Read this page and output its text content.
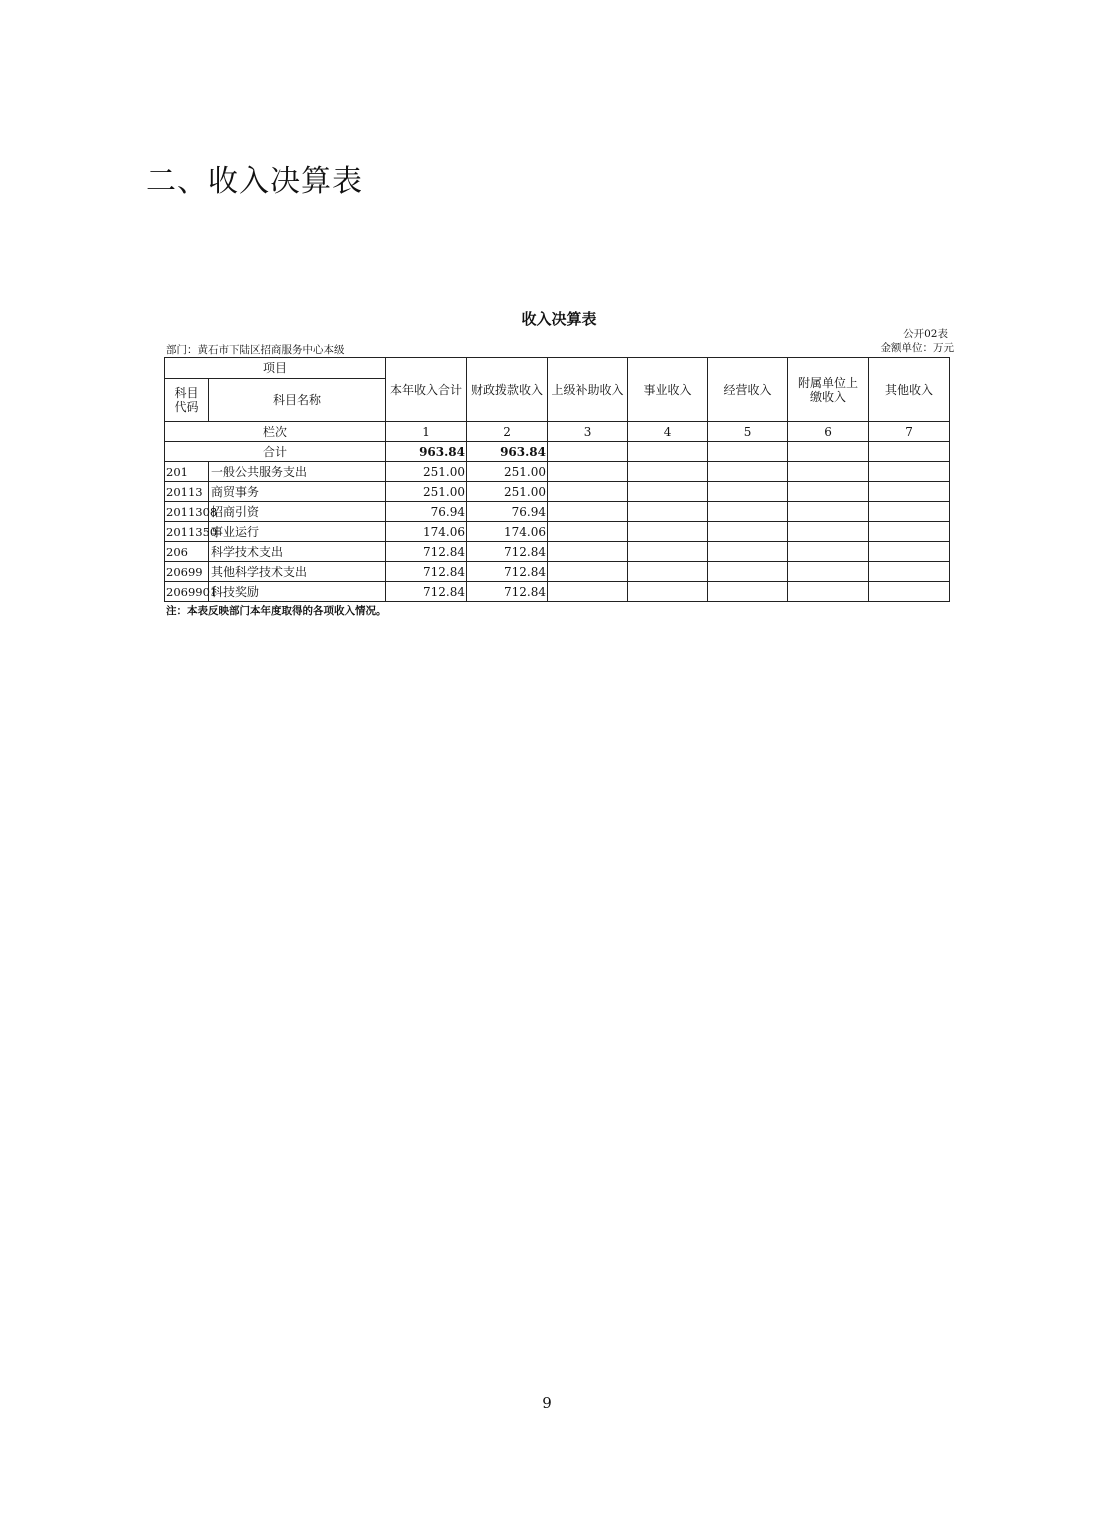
二、收入决算表
收入决算表
公开02表
金额单位：万元
部门：黄石市下陆区招商服务中心本级
项目		本年收入合计	财政拨款收入	上级补助收入	事业收入	经营收入	附属单位上缴收入	其他收入
科目代码	科目名称							
栏次		1	2	3	4	5	6	7
合计		963.84	963.84					
201	一般公共服务支出	251.00	251.00					
20113	商贸事务	251.00	251.00					
2011308	招商引资	76.94	76.94					
2011350	事业运行	174.06	174.06					
206	科学技术支出	712.84	712.84					
20699	其他科学技术支出	712.84	712.84					
2069901	科技奖励	712.84	712.84					
注：本表反映部门本年度取得的各项收入情况。
9
